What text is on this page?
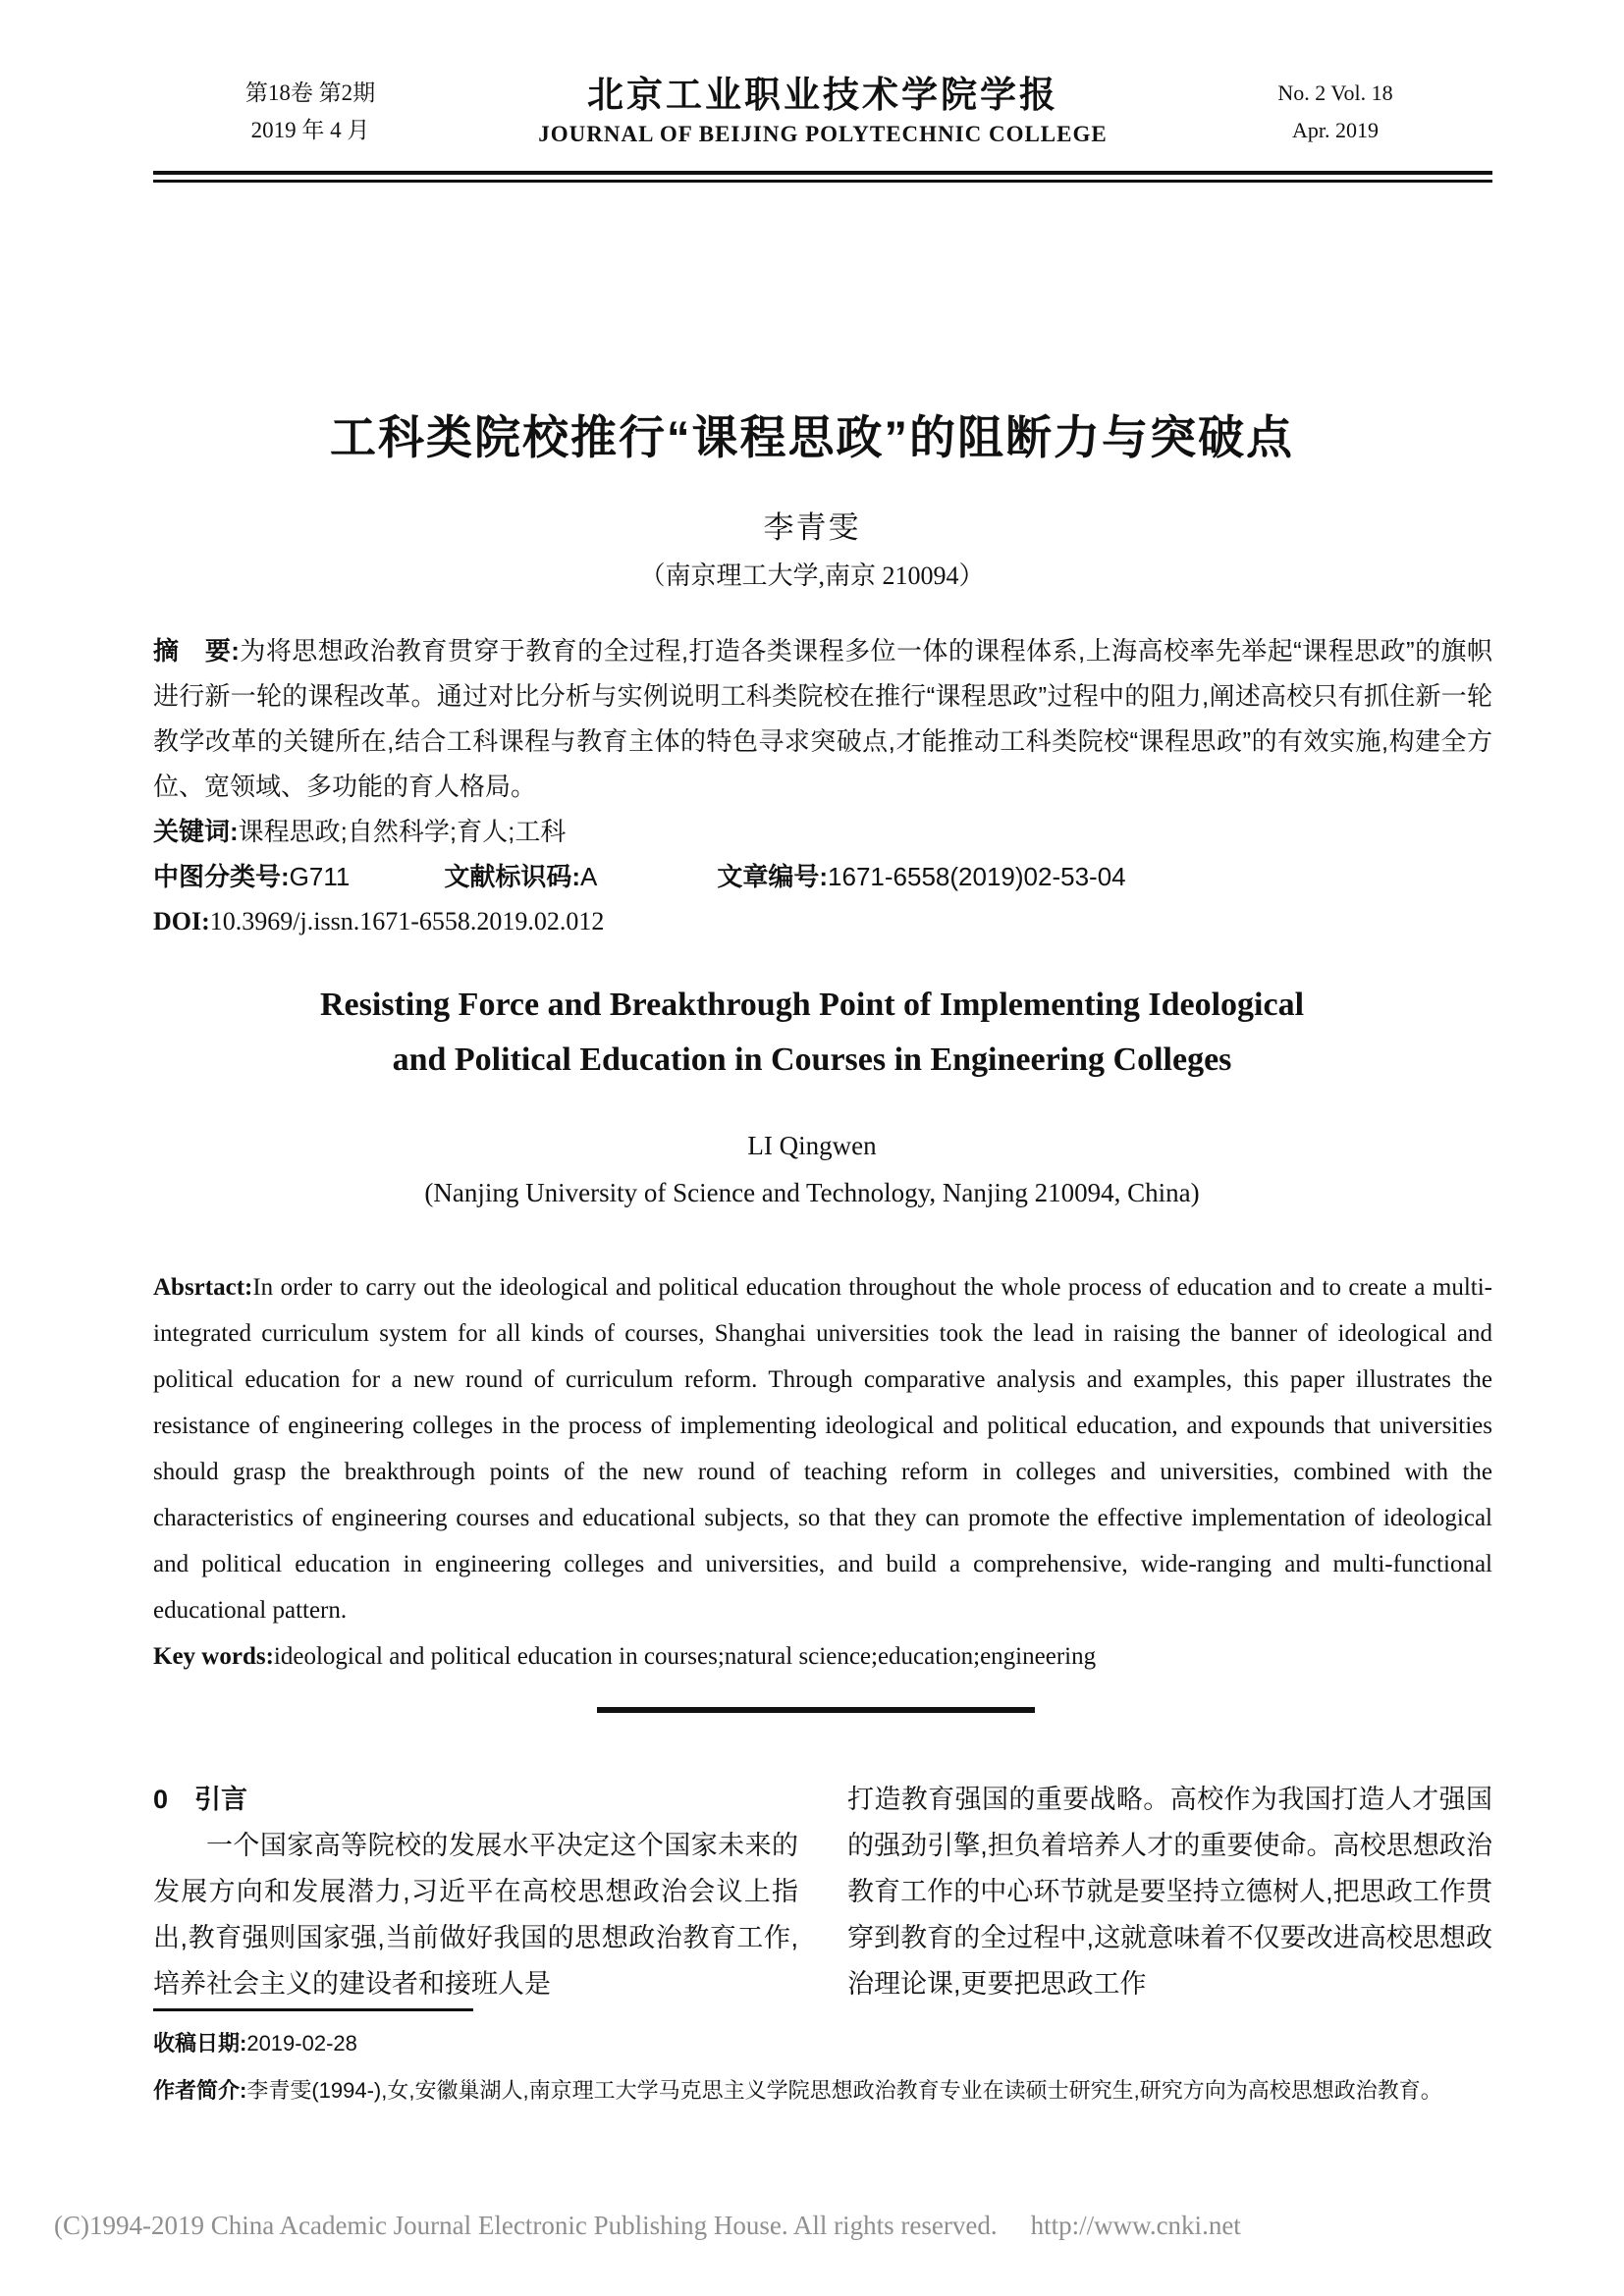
第18卷 第2期
2019 年 4 月
北京工业职业技术学院学报
JOURNAL OF BEIJING POLYTECHNIC COLLEGE
No. 2 Vol. 18
Apr. 2019
工科类院校推行“课程思政”的阻断力与突破点
李青雯
（南京理工大学,南京 210094）

摘　要:为将思想政治教育贯穿于教育的全过程,打造各类课程多位一体的课程体系,上海高校率先举起“课程思政”的旗帜进行新一轮的课程改革。通过对比分析与实例说明工科类院校在推行“课程思政”过程中的阻力,阐述高校只有抓住新一轮教学改革的关键所在,结合工科课程与教育主体的特色寻求突破点,才能推动工科类院校“课程思政”的有效实施,构建全方位、宽领域、多功能的育人格局。

关键词:课程思政;自然科学;育人;工科

中图分类号:G711	文献标识码:A	文章编号:1671-6558(2019)02-53-04

DOI:10.3969/j.issn.1671-6558.2019.02.012

Resisting Force and Breakthrough Point of Implementing Ideological
and Political Education in Courses in Engineering Colleges
LI Qingwen
(Nanjing University of Science and Technology, Nanjing 210094, China)

Absrtact:In order to carry out the ideological and political education throughout the whole process of education and to create a multi-integrated curriculum system for all kinds of courses, Shanghai universities took the lead in raising the banner of ideological and political education for a new round of curriculum reform. Through comparative analysis and examples, this paper illustrates the resistance of engineering colleges in the process of implementing ideological and political education, and expounds that universities should grasp the breakthrough points of the new round of teaching reform in colleges and universities, combined with the characteristics of engineering courses and educational subjects, so that they can promote the effective implementation of ideological and political education in engineering colleges and universities, and build a comprehensive, wide-ranging and multi-functional educational pattern.

Key words:ideological and political education in courses;natural science;education;engineering

0　引言

一个国家高等院校的发展水平决定这个国家未来的发展方向和发展潜力,习近平在高校思想政治会议上指出,教育强则国家强,当前做好我国的思想政治教育工作,培养社会主义的建设者和接班人是

打造教育强国的重要战略。高校作为我国打造人才强国的强劲引擎,担负着培养人才的重要使命。高校思想政治教育工作的中心环节就是要坚持立德树人,把思政工作贯穿到教育的全过程中,这就意味着不仅要改进高校思想政治理论课,更要把思政工作

收稿日期:2019-02-28
作者简介:李青雯(1994-),女,安徽巢湖人,南京理工大学马克思主义学院思想政治教育专业在读硕士研究生,研究方向为高校思想政治教育。
(C)1994-2019 China Academic Journal Electronic Publishing House. All rights reserved. http://www.cnki.net
